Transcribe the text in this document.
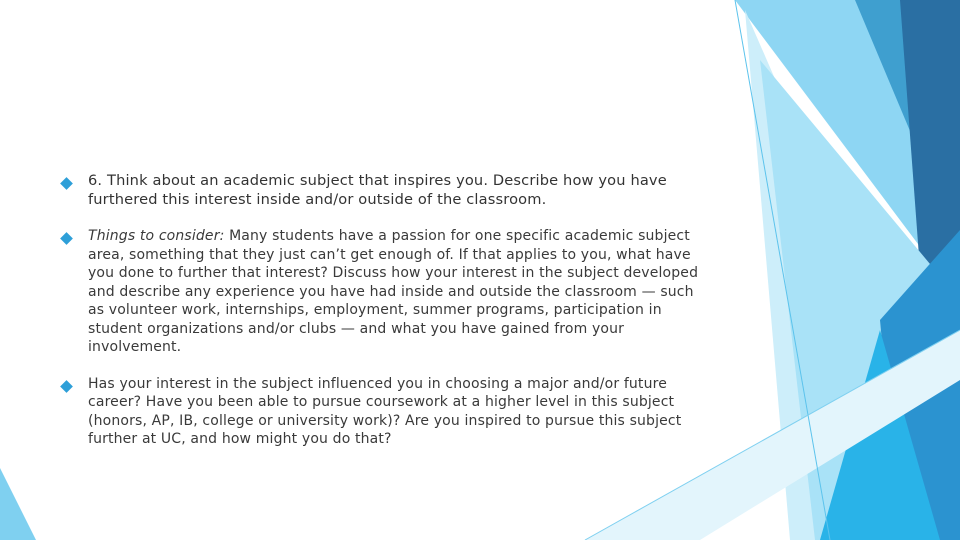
6. Think about an academic subject that inspires you. Describe how you have furthered this interest inside and/or outside of the classroom.
Things to consider: Many students have a passion for one specific academic subject area, something that they just can’t get enough of. If that applies to you, what have you done to further that interest? Discuss how your interest in the subject developed and describe any experience you have had inside and outside the classroom — such as volunteer work, internships, employment, summer programs, participation in student organizations and/or clubs — and what you have gained from your involvement.
Has your interest in the subject influenced you in choosing a major and/or future career? Have you been able to pursue coursework at a higher level in this subject (honors, AP, IB, college or university work)? Are you inspired to pursue this subject further at UC, and how might you do that?
